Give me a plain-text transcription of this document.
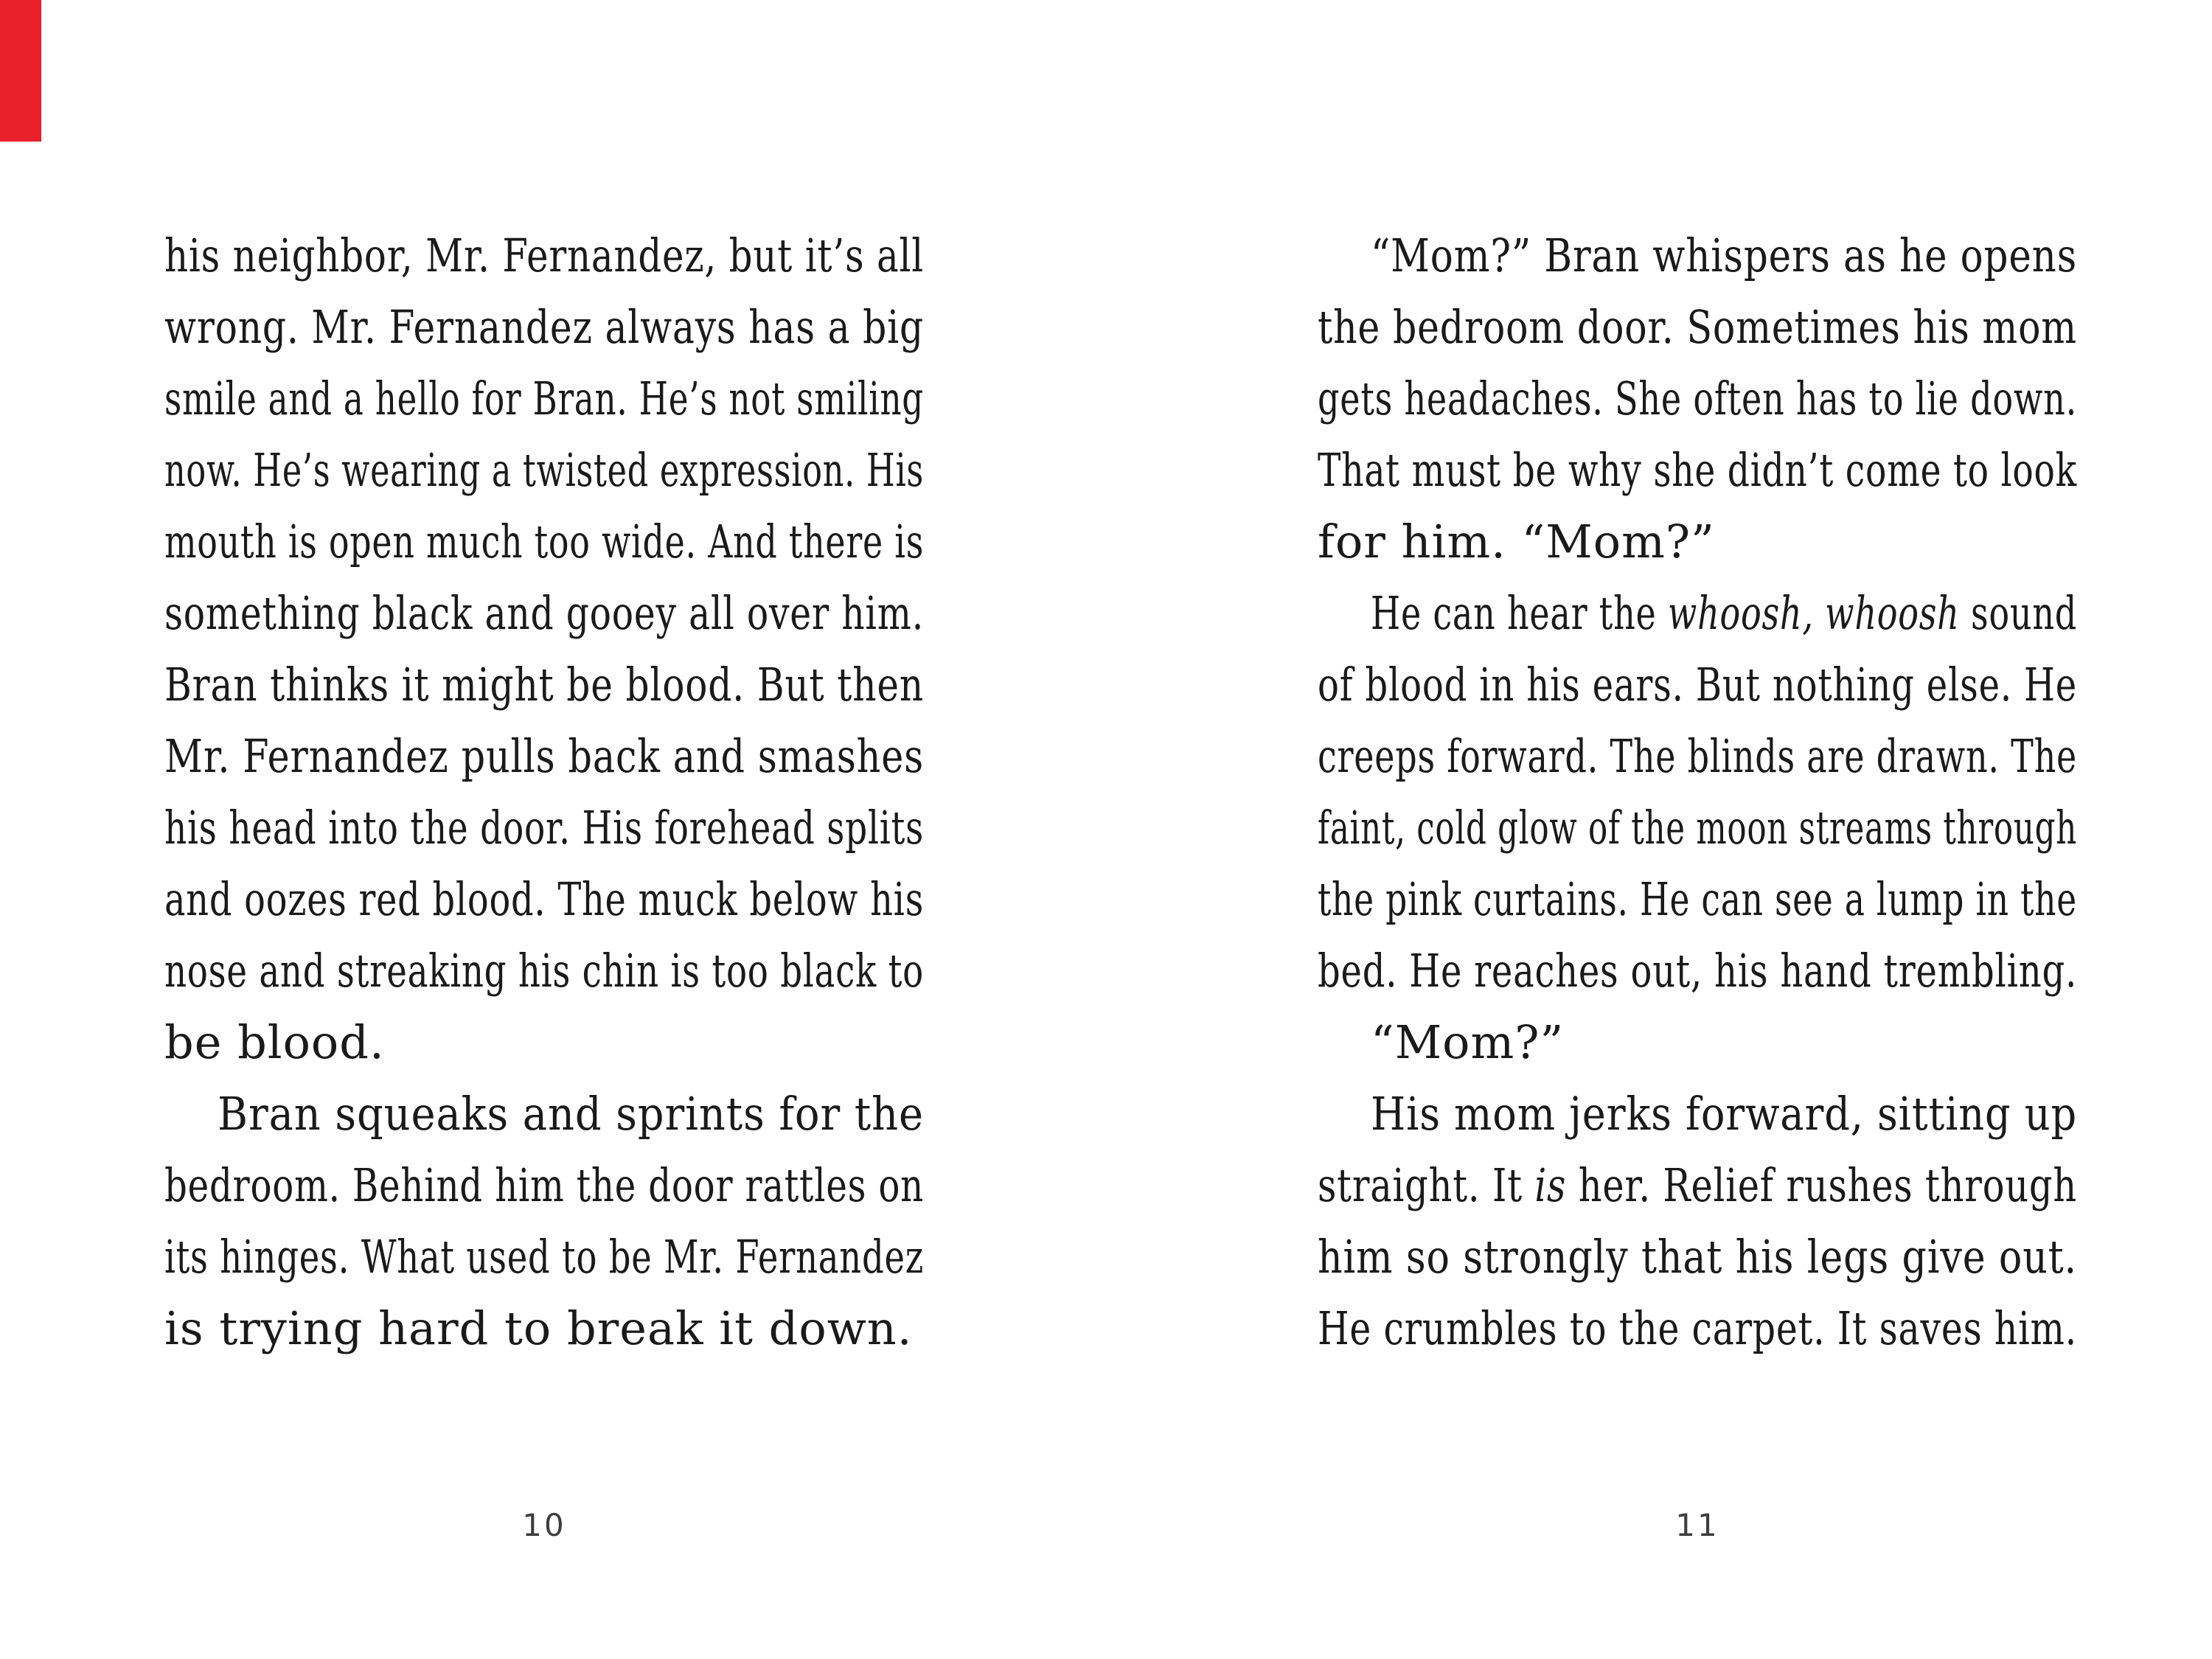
his neighbor, Mr. Fernandez, but it’s all
wrong. Mr. Fernandez always has a big
smile and a hello for Bran. He’s not smiling
now. He’s wearing a twisted expression. His
mouth is open much too wide. And there is
something black and gooey all over him.
Bran thinks it might be blood. But then
Mr. Fernandez pulls back and smashes
his head into the door. His forehead splits
and oozes red blood. The muck below his
nose and streaking his chin is too black to
be blood.
Bran squeaks and sprints for the
bedroom. Behind him the door rattles on
its hinges. What used to be Mr. Fernandez
is trying hard to break it down.
10
“Mom?” Bran whispers as he opens
the bedroom door. Sometimes his mom
gets headaches. She often has to lie down.
That must be why she didn’t come to look
for him. “Mom?”
He can hear the whoosh, whoosh sound
of blood in his ears. But nothing else. He
creeps forward. The blinds are drawn. The
faint, cold glow of the moon streams through
the pink curtains. He can see a lump in the
bed. He reaches out, his hand trembling.
“Mom?”
His mom jerks forward, sitting up
straight. It is her. Relief rushes through
him so strongly that his legs give out.
He crumbles to the carpet. It saves him.
11
